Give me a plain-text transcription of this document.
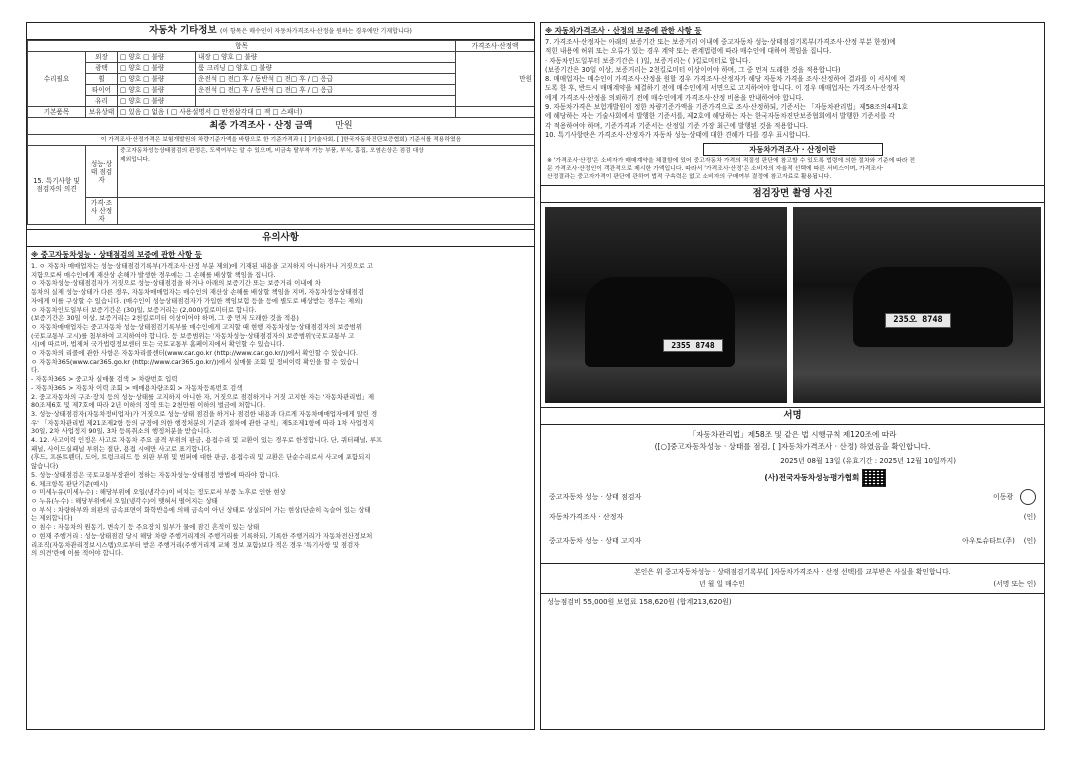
자동차 기타정보 (이 항목은 매수인이 자동차가격조사·산정을 원하는 경우에만 기재합니다)
항목				가격조사·산정액
수리필요	외장	□ 양호 □ 불량	내장 □ 양호 □ 불량	만원
	광택	□ 양호 □ 불량	룸 크리닝 □ 양호 □ 불량	
	휠	□ 양호 □ 불량	운전석 □ 전□ 후 / 동반석 □ 전□ 후 / □ 응급	
	타이어	□ 양호 □ 불량	운전석 □ 전□ 후 / 동반석 □ 전□ 후 / □ 응급	
	유리	□ 양호 □ 불량		
기본품목	보유상태	□ 있음 □ 없음 ( □ 사용설명서 □ 안전삼각대 □ 잭 □ 스패너)		
최종 가격조사 · 산정 금액 만원				
이 가격조사·산정가격은 보험개발원의 차량기준가액을 바탕으로 한 기준가격과 ( [ ]기술사회, [ ]한국자동차진단보증협회) 기준서를 적용하였음				
15. 특기사항 및 점검자의 의견	성능·상태 점검자	중고자동차성능상태점검의 판정은, 도색여부는 알 수 있으며, 비금속 탈부착 가능 부품, 부식, 흠집, 오염손상은 점검 대상
제외입니다.		

	가격·조사 산정자			
유의사항
※ 중고자동차성능 · 상태점검의 보증에 관한 사항 등
1. ㅇ 자동차 매매업자는 성능·상태점검기록부(가격조사·산정 부분 제외)에 기재된 내용을 고지하지 아니하거나 거짓으로 고
지함으로써 매수인에게 재산상 손해가 발생한 경우에는 그 손해를 배상할 책임을 집니다.
ㅇ 자동차성능·상태점검자가 거짓으로 성능·상태점검을 하거나 아래의 보증기간 또는 보증거리 이내에 차
동차의 실제 성능·상태가 다른 경우, 자동차매매업자는 매수인의 재산상 손해를 배상할 책임을 지며, 자동차성능상태점검
자에게 이를 구상할 수 있습니다. (매수인이 성능상태점검자가 가입한 책임보험 등을 등에 별도로 배상받는 경우는 제외)
ㅇ 자동차인도일부터 보증기간은 (30)일, 보증거리는 (2,000)킬로미터로 합니다.
(보증기간은 30일 이상, 보증거리는 2천킬로미터 이상이어야 하며, 그 중 먼저 도래한 것을 적용)
ㅇ 자동차매매업자는 중고자동차 성능·상태점검기록부를 매수인에게 고지할 때 현행 자동차성능·상태점검자의 보증범위
(국토교통부 고시)를 첨부하여 고지하여야 합니다. 등 보증범위는 '자동차성능·상태점검자의 보증범위'(국토교통부 고
시)에 따르며, 법제처 국가법령정보센터 또는 국토교통부 홈페이지에서 확인할 수 있습니다.
ㅇ 자동차의 리콜에 관한 사항은 자동차리콜센터(www.car.go.kr (http://www.car.go.kr/))에서 확인할 수 있습니다.
ㅇ 자동차365(www.car365.go.kr (http://www.car365.go.kr/))에서 실매물 조회 및 정비이력 확인을 할 수 있습니
다.
- 자동차365 > 중고차 실매물 검색 > 차량번호 입력
- 자동차365 > 자동차 이력 조회 > 매매용차량조회 > 자동차등록번호 검색
2. 중고자동차의 구조·장치 등의 성능·상태를 고지하지 아니한 자, 거짓으로 점검하거나 거짓 고지한 자는 '자동차관리법」제
80조제6호 및 제7호에 따라 2년 이하의 징역 또는 2천만원 이하의 벌금에 처합니다.
3. 성능·상태점검자(자동차정비업자)가 거짓으로 성능·상태 점검을 하거나 점검한 내용과 다르게 자동차매매업자에게 알린 경
우' 「자동차관리법 제21조제2항 등의 규정에 의한 행정처분의 기준과 절차에 관한 규칙」제5조제1항에 따라 1차 사업정지
30일, 2차 사업정지 90일, 3차 등록취소의 행정처분을 받습니다.
4. 12. 사고이력 인정은 사고로 자동차 주요 골격 부위의 판금, 용접수리 및 교환이 있는 경우로 한정합니다. 단, 쿼터패널, 루프
패널, 사이드실패널 부위는 절단, 용접 시에만 사고로 표기합니다.
(후드, 프론트펜더, 도어, 트렁크리드 등 외판 부위 및 범퍼에 대한 판금, 용접수리 및 교환은 단순수리로서 사고에 포함되지
않습니다)
5. 성능·상태점검은 국토교통부장관이 정하는 자동차성능·상태점검 방법에 따라야 합니다.
6. 체크항목 판단기준(예시)
ㅇ 미세누유(미세누수) : 해당부위에 오일(냉각수)이 비치는 정도로서 부품 노후로 인한 현상
ㅇ 누유(누수) : 해당부위에서 오일(냉각수)이 맺혀서 떨어지는 상태
ㅇ 부식 : 차량하부와 외판의 금속표면이 화학반응에 의해 금속이 아닌 상태로 상실되어 가는 현상(단순히 녹슬어 있는 상태
는 제외합니다)
ㅇ 침수 : 자동차의 원동기, 변속기 등 주요장치 일부가 물에 잠긴 흔적이 있는 상태
ㅇ 현재 주행거리 : 성능·상태점검 당시 해당 차량 주행거리계의 주행거리를 기록하되, 기록한 주행거리가 자동차전산정보처
리조직(자동차관리정보시스템)으로부터 받은 주행거리(주행거리계 교체 정보 포함)보다 적은 경우 '특기사항 및 점검자
의 의견'란에 이를 적어야 합니다.
※ 자동차가격조사 · 산정의 보증에 관한 사항 등
7. 가격조사·산정자는 아래의 보증기간 또는 보증거리 이내에 중고자동차 성능·상태점검기록부(가격조사·산정 부분 한정)에
적힌 내용에 허위 또는 오류가 있는 경우 계약 또는 관계법령에 따라 매수인에 대하여 책임을 집니다.
· 자동차인도일부터 보증기간은 ( )일, 보증거리는 ( )킬로미터로 합니다.
(보증기간은 30일 이상, 보증거리는 2천킬로미터 이상이어야 하며, 그 중 먼저 도래한 것을 적용합니다)
8. 매매업자는 매수인이 가격조사·산정을 원할 경우 가격조사·산정자가 해당 자동차 가격을 조사·산정하여 결과를 이 서식에 적
도록 한 후, 반드시 매매계약을 체결하기 전에 매수인에게 서면으로 고지하여야 합니다. 이 경우 매매업자는 가격조사·산정자
에게 가격조사·산정을 의뢰하기 전에 매수인에게 가격조사·산정 비용을 안내하여야 합니다.
9. 자동차가격은 보험개발원이 정한 차량기준가액을 기준가격으로 조사·산정하되, 기준서는 「자동차관리법」제58조의4제1호
에 해당하는 자는 기술사회에서 발행한 기준서를, 제2호에 해당하는 자는 한국자동차진단보증협회에서 발행한 기준서를 각
각 적용하여야 하며, 기준가격과 기준서는 산정일 기준 가장 최근에 발행된 것을 적용합니다.
10. 특기사항란은 가격조사·산정자가 자동차 성능·상태에 대한 견해가 다를 경우 표시합니다.
자동차가격조사 · 산정이란
※ '가격조사·산정'은 소비자가 매매계약을 체결함에 있어 중고자동차 가격의 적절성 판단에 참고할 수 있도록 법령에 의한 절차와 기준에 따라 전
문 가격조사·산정인이 객관적으로 제시한 가액입니다. 따라서 '가격조사·산정'은 소비자의 자율적 선택에 따른 서비스이며, 가격조사·
산정결과는 중고자가격이 판단에 관하여 법적 구속력은 없고 소비자의 구매여부 결정에 참고자료로 활용됩니다.
점검장면 촬영 사진
2355 8748
235오 8748
서명
「자동차관리법」제58조 및 같은 법 시행규칙 제120조에 따라
([○]중고자동차성능 · 상태를 점검, [ ]자동차가격조사 · 산정) 하였음을 확인합니다.
2025년 08월 13일 (유효기간 : 2025년 12월 10일까지)
(사)전국자동차성능평가협회
중고자동차 성능 · 상태 점검자	이동광
자동차가격조사 · 산정자	(인)
중고자동차 성능 · 상태 고지자	아우토슈타트(주) (인)
본인은 위 중고자동차성능 · 상태점검기록부([ ]자동차가격조사 · 산정 선택)를 교부받은 사실을 확인합니다.
년 월 일 매수인	(서명 또는 인)
성능점검비 55,000원 보험료 158,620원 (합계213,620원)
